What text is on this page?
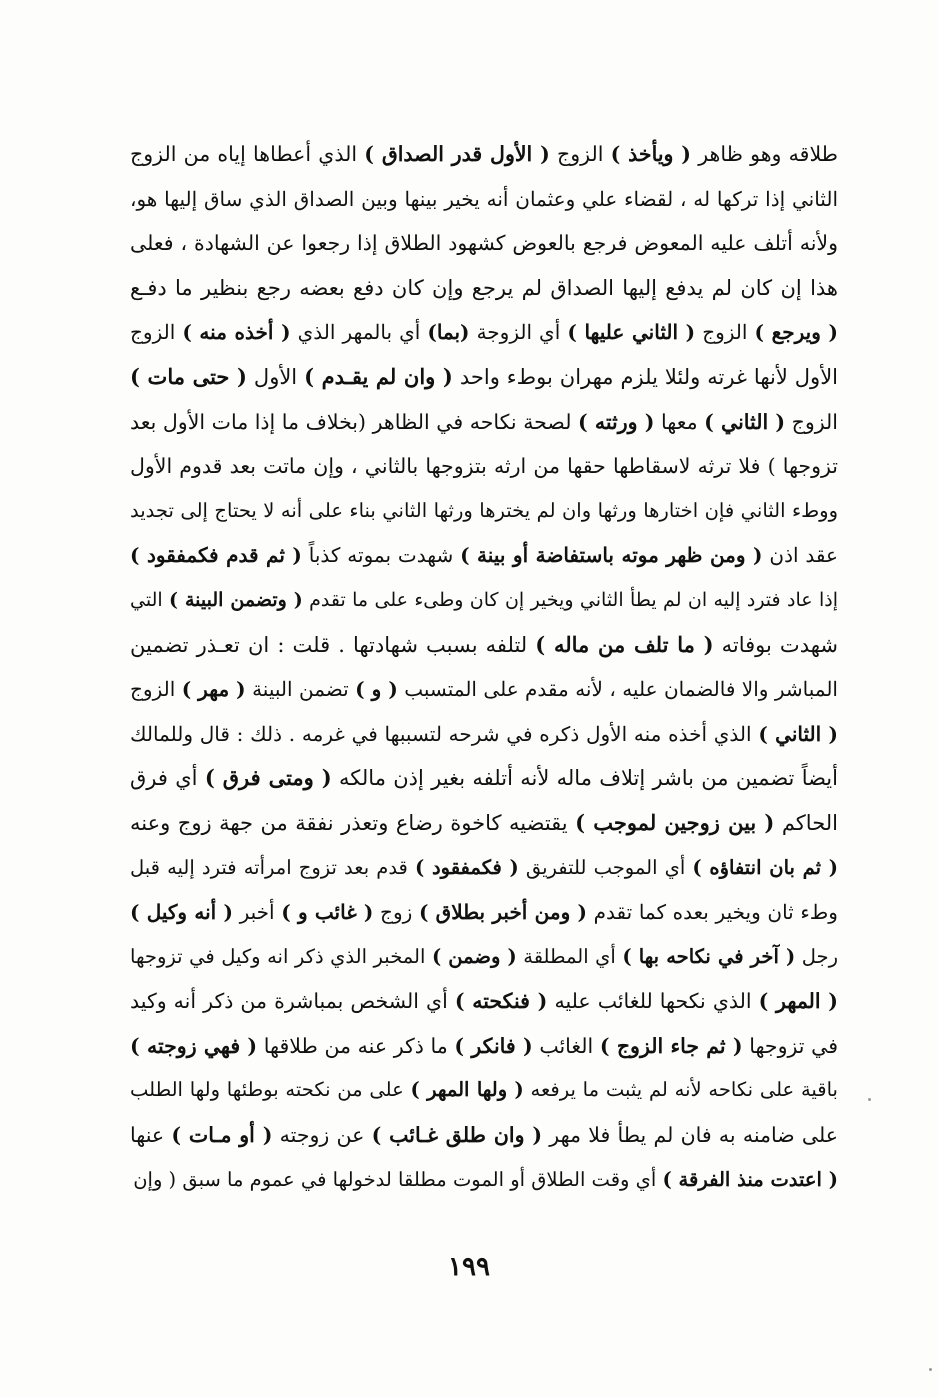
طلاقه وهو ظاهر ( ويأخذ ) الزوج ( الأول قدر الصداق ) الذي أعطاها إياه من الزوج
الثاني إذا تركها له ، لقضاء علي وعثمان أنه يخير بينها وبين الصداق الذي ساق إليها هو،
ولأنه أتلف عليه المعوض فرجع بالعوض كشهود الطلاق إذا رجعوا عن الشهادة ، فعلى
هذا إن كان لم يدفع إليها الصداق لم يرجع وإن كان دفع بعضه رجع بنظير ما دفـع
( ويرجع ) الزوج ( الثاني عليها ) أي الزوجة (بما) أي بالمهر الذي ( أخذه منه ) الزوج
الأول لأنها غرته ولئلا يلزم مهران بوطء واحد ( وان لم يقـدم ) الأول ( حتى مات )
الزوج ( الثاني ) معها ( ورثته ) لصحة نكاحه في الظاهر (بخلاف ما إذا مات الأول بعد
تزوجها ) فلا ترثه لاسقاطها حقها من ارثه بتزوجها بالثاني ، وإن ماتت بعد قدوم الأول
ووطء الثاني فإن اختارها ورثها وان لم يخترها ورثها الثاني بناء على أنه لا يحتاج إلى تجديد
عقد اذن ( ومن ظهر موته باستفاضة أو بينة ) شهدت بموته كذباً ( ثم قدم فكمفقود )
إذا عاد فترد إليه ان لم يطأ الثاني ويخير إن كان وطىء على ما تقدم ( وتضمن البينة ) التي
شهدت بوفاته ( ما تلف من ماله ) لتلفه بسبب شهادتها . قلت : ان تعـذر تضمين
المباشر والا فالضمان عليه ، لأنه مقدم على المتسبب ( و ) تضمن البينة ( مهر ) الزوج
( الثاني ) الذي أخذه منه الأول ذكره في شرحه لتسببها في غرمه . ذلك : قال وللمالك
أيضاً تضمين من باشر إتلاف ماله لأنه أتلفه بغير إذن مالكه ( ومتى فرق ) أي فرق
الحاكم ( بين زوجين لموجب ) يقتضيه كاخوة رضاع وتعذر نفقة من جهة زوج وعنه
( ثم بان انتفاؤه ) أي الموجب للتفريق ( فكمفقود ) قدم بعد تزوج امرأته فترد إليه قبل
وطء ثان ويخير بعده كما تقدم ( ومن أخبر بطلاق ) زوج ( غائب و ) أخبر ( أنه وكيل )
رجل ( آخر في نكاحه بها ) أي المطلقة ( وضمن ) المخبر الذي ذكر انه وكيل في تزوجها
( المهر ) الذي نكحها للغائب عليه ( فنكحته ) أي الشخص بمباشرة من ذكر أنه وكيد
في تزوجها ( ثم جاء الزوج ) الغائب ( فانكر ) ما ذكر عنه من طلاقها ( فهي زوجته )
باقية على نكاحه لأنه لم يثبت ما يرفعه ( ولها المهر ) على من نكحته بوطئها ولها الطلب
على ضامنه به فان لم يطأ فلا مهر ( وان طلق غـائب ) عن زوجته ( أو مـات ) عنها
( اعتدت منذ الفرقة ) أي وقت الطلاق أو الموت مطلقا لدخولها في عموم ما سبق ( وإن
١٩٩
